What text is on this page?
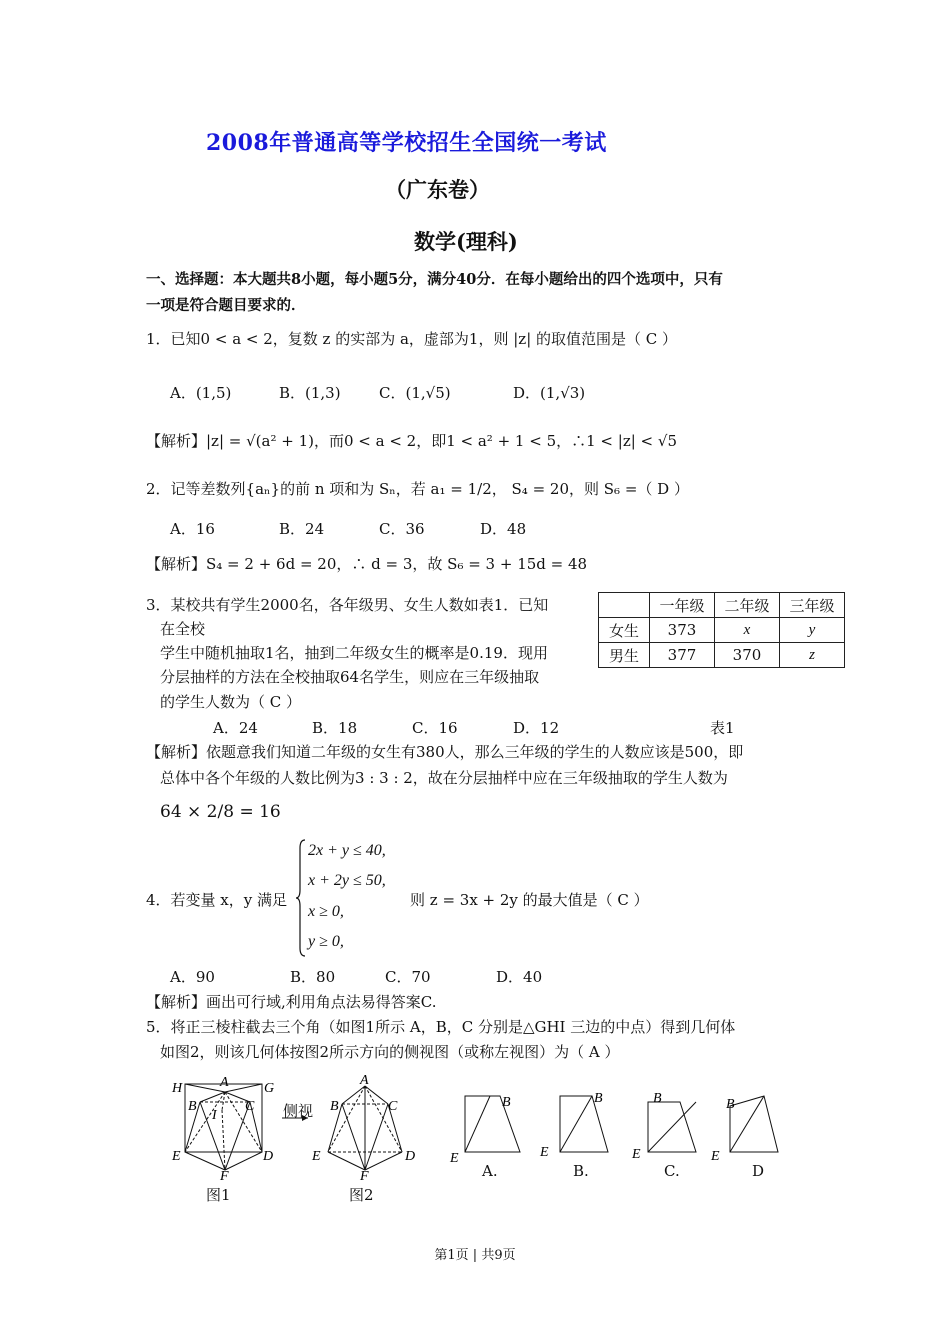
2008年普通高等学校招生全国统一考试
（广东卷）
数学(理科)
一、选择题：本大题共8小题，每小题5分，满分40分．在每小题给出的四个选项中，只有
一项是符合题目要求的．
1．已知0 < a < 2，复数 z 的实部为 a，虚部为1，则 |z| 的取值范围是（ C ）
A．(1,5)	B．(1,3)	C．(1,√5)	D．(1,√3)
【解析】|z| = √(a² + 1)，而0 < a < 2，即1 < a² + 1 < 5，∴1 < |z| < √5
2．记等差数列{aₙ}的前 n 项和为 Sₙ，若 a₁ = 1/2， S₄ = 20，则 S₆ =（ D ）
A．16	B．24	C．36	D．48
【解析】S₄ = 2 + 6d = 20，∴ d = 3，故 S₆ = 3 + 15d = 48
3．某校共有学生2000名，各年级男、女生人数如表1．已知
在全校
学生中随机抽取1名，抽到二年级女生的概率是0.19．现用
分层抽样的方法在全校抽取64名学生，则应在三年级抽取
的学生人数为（ C ）
	一年级	二年级	三年级
女生	373	x	y
男生	377	370	z
A．24	B．18	C．16	D．12	表1
【解析】依题意我们知道二年级的女生有380人，那么三年级的学生的人数应该是500，即
总体中各个年级的人数比例为3 : 3 : 2，故在分层抽样中应在三年级抽取的学生人数为
64 × 2/8 = 16
4．若变量 x，y 满足
2x + y ≤ 40,
x + 2y ≤ 50,
x ≥ 0,
y ≥ 0,
则 z = 3x + 2y 的最大值是（ C ）
A．90	B．80	C．70	D．40
【解析】画出可行域,利用角点法易得答案C.
5．将正三棱柱截去三个角（如图1所示 A，B，C 分别是△GHI 三边的中点）得到几何体
如图2，则该几何体按图2所示方向的侧视图（或称左视图）为（ A ）
H	A	G
B	C
I
E	D
F
A
B	C
E	D
F
B
E
B
E
B
E
B
E
图1	图2
侧视
A.	B.	C.	D
第1页 | 共9页
